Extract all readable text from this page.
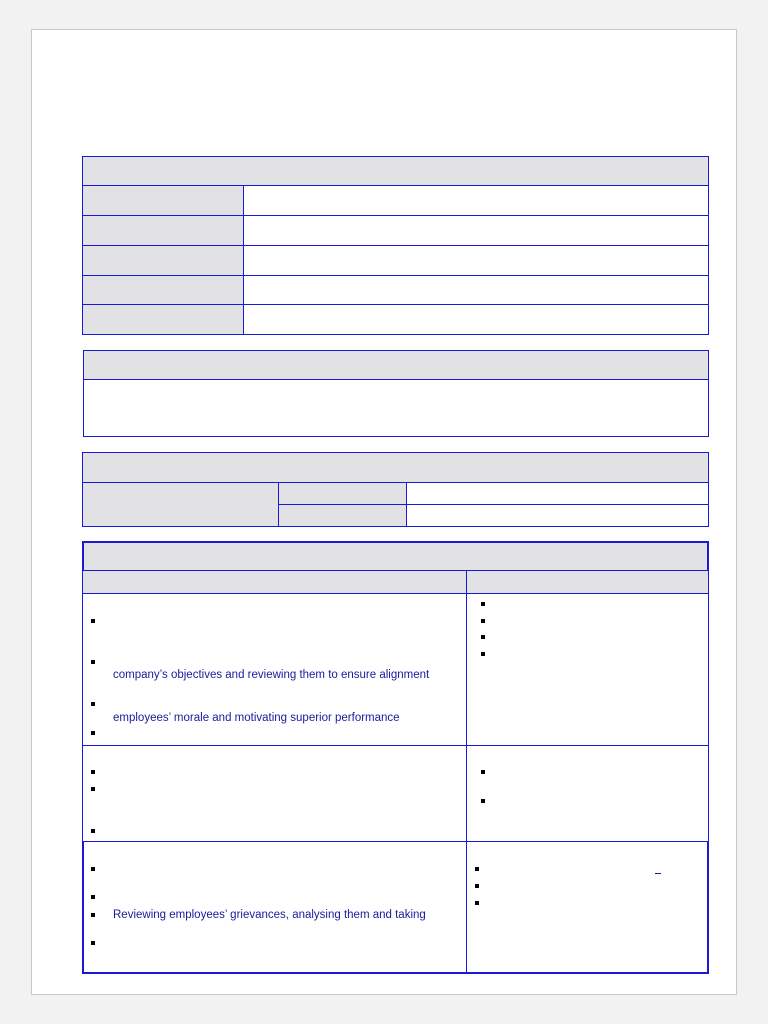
company’s objectives and reviewing them to ensure alignment
employees’ morale and motivating superior performance
Reviewing employees’ grievances, analysing them and taking
